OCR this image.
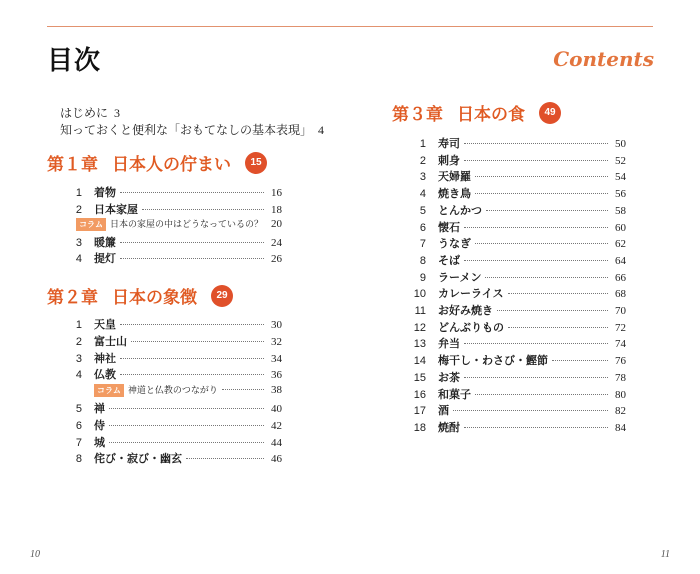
目次	Contents
はじめに 3
知っておくと便利な「おもてなしの基本表現」 4
第１章 日本人の佇まい	15
1 着物	16
2 日本家屋	18
コラム 日本の家屋の中はどうなっているの？ 20
3 暖簾	24
4 提灯	26
第２章 日本の象徴	29
1 天皇	30
2 富士山	32
3 神社	34
4 仏教	36
コラム 神道と仏教のつながり	38
5 禅	40
6 侍	42
7 城	44
8 侘び・寂び・幽玄	46
第３章 日本の食	49
1 寿司	50
2 刺身	52
3 天婦羅	54
4 焼き鳥	56
5 とんかつ	58
6 懐石	60
7 うなぎ	62
8 そば	64
9 ラーメン	66
10 カレーライス	68
11 お好み焼き	70
12 どんぶりもの	72
13 弁当	74
14 梅干し・わさび・鰹節	76
15 お茶	78
16 和菓子	80
17 酒	82
18 焼酎	84
10	11
